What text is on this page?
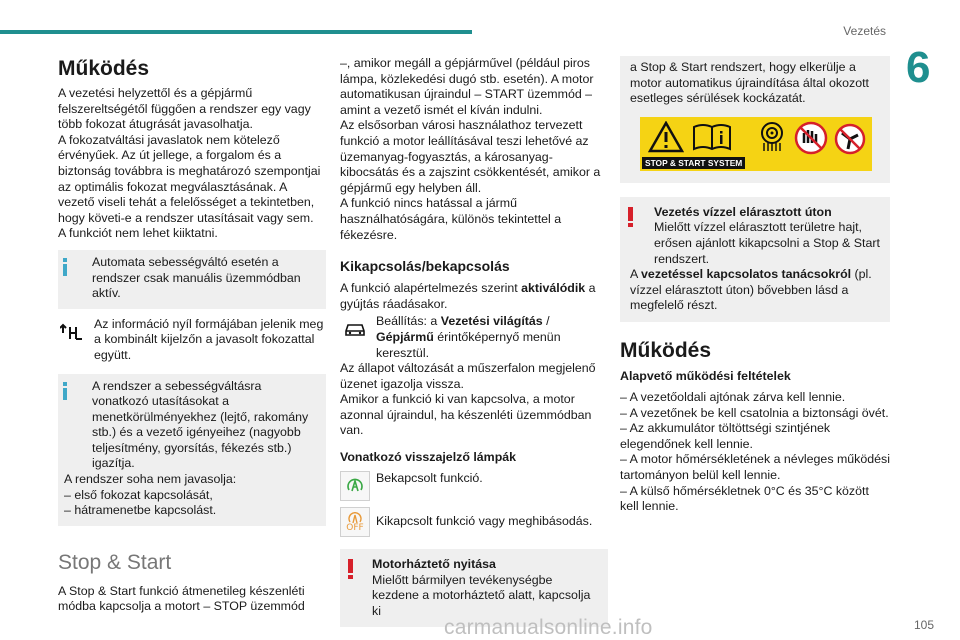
Vezetés
6
Működés

A vezetési helyzettől és a gépjármű felszereltségétől függően a rendszer egy vagy több fokozat átugrását javasolhatja.

A fokozatváltási javaslatok nem kötelező érvényűek. Az út jellege, a forgalom és a biztonság továbbra is meghatározó szempontjai az optimális fokozat megválasztásának. A vezető viseli tehát a felelősséget a tekintetben, hogy követi-e a rendszer utasításait vagy sem.

A funkciót nem lehet kiiktatni.

Automata sebességváltó esetén a rendszer csak manuális üzemmódban aktív.

Az információ nyíl formájában jelenik meg a kombinált kijelzőn a javasolt fokozattal együtt.

A rendszer a sebességváltásra vonatkozó utasításokat a menetkörülményekhez (lejtő, rakomány stb.) és a vezető igényeihez (nagyobb teljesítmény, gyorsítás, fékezés stb.) igazítja.

A rendszer soha nem javasolja:

– első fokozat kapcsolását,

– hátramenetbe kapcsolást.

Stop & Start

A Stop & Start funkció átmenetileg készenléti módba kapcsolja a motort – STOP üzemmód

–, amikor megáll a gépjárművel (például piros lámpa, közlekedési dugó stb. esetén). A motor automatikusan újraindul – START üzemmód – amint a vezető ismét el kíván indulni.

Az elsősorban városi használathoz tervezett funkció a motor leállításával teszi lehetővé az üzemanyag-fogyasztás, a károsanyag-kibocsátás és a zajszint csökkentését, amikor a gépjármű egy helyben áll.

A funkció nincs hatással a jármű használhatóságára, különös tekintettel a fékezésre.

Kikapcsolás/bekapcsolás

A funkció alapértelmezés szerint aktiválódik a gyújtás ráadásakor.

Beállítás: a Vezetési világítás / Gépjármű érintőképernyő menün keresztül.

Az állapot változását a műszerfalon megjelenő üzenet igazolja vissza.

Amikor a funkció ki van kapcsolva, a motor azonnal újraindul, ha készenléti üzemmódban van.

Vonatkozó visszajelző lámpák

Bekapcsolt funkció.

OFF Kikapcsolt funkció vagy meghibásodás.

Motorháztető nyitása

Mielőtt bármilyen tevékenységbe kezdene a motorháztető alatt, kapcsolja ki

a Stop & Start rendszert, hogy elkerülje a motor automatikus újraindítása által okozott esetleges sérülések kockázatát.

STOP & START SYSTEM

Vezetés vízzel elárasztott úton

Mielőtt vízzel elárasztott területre hajt, erősen ajánlott kikapcsolni a Stop & Start rendszert.

A vezetéssel kapcsolatos tanácsokról (pl. vízzel elárasztott úton) bővebben lásd a megfelelő részt.

Működés
Alapvető működési feltételek

– A vezetőoldali ajtónak zárva kell lennie.

– A vezetőnek be kell csatolnia a biztonsági övét.

– Az akkumulátor töltöttségi szintjének elegendőnek kell lennie.

– A motor hőmérsékletének a névleges működési tartományon belül kell lennie.

– A külső hőmérsékletnek 0°C és 35°C között kell lennie.

carmanualsonline.info	105
